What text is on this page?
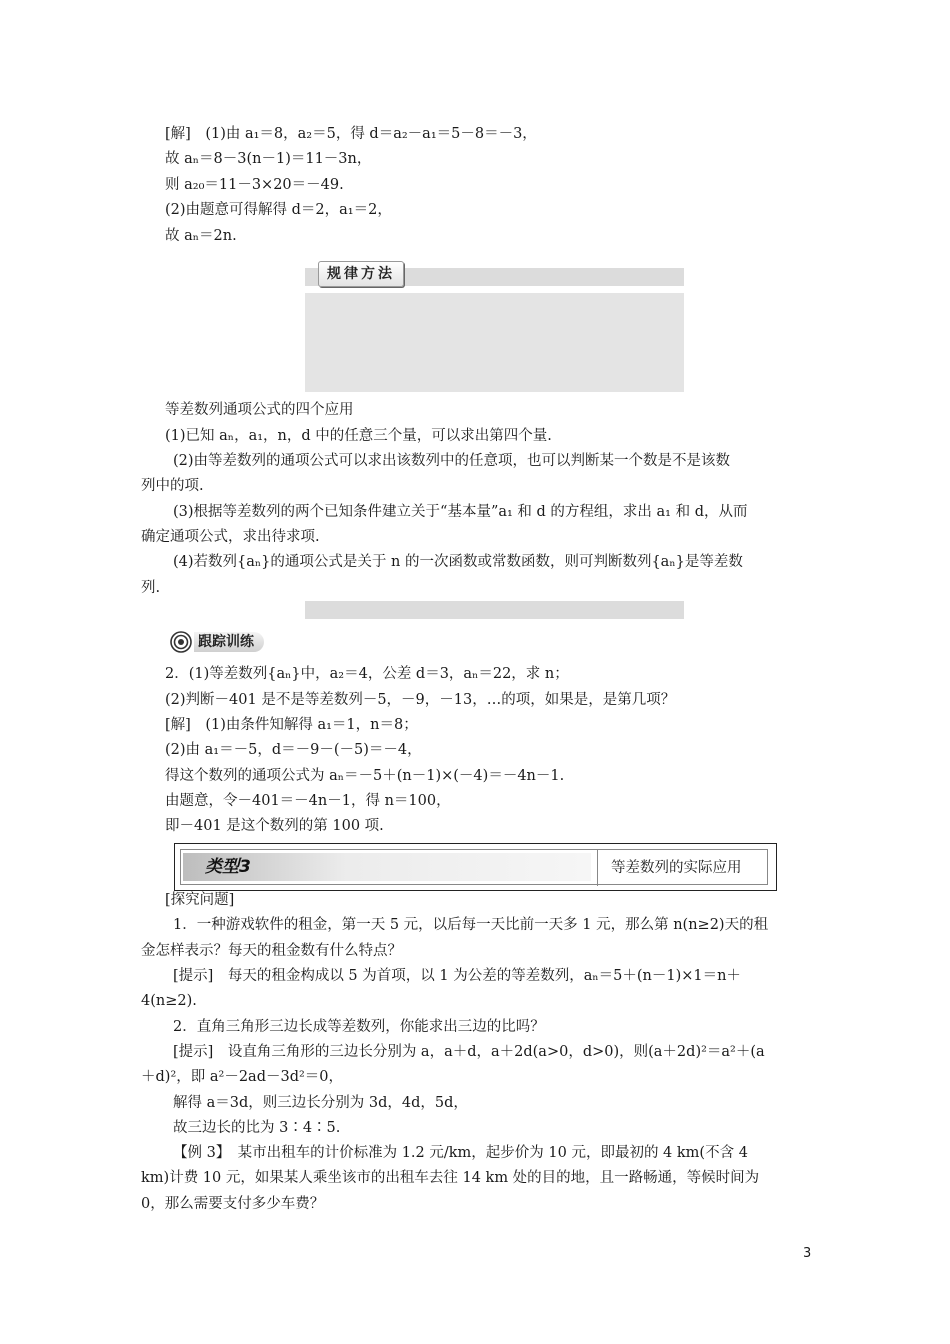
[解]　(1)由 a₁＝8，a₂＝5，得 d＝a₂－a₁＝5－8＝－3，
故 aₙ＝8－3(n－1)＝11－3n，
则 a₂₀＝11－3×20＝－49.
(2)由题意可得解得 d＝2，a₁＝2，
故 aₙ＝2n.
规律方法
等差数列通项公式的四个应用
(1)已知 aₙ，a₁，n，d 中的任意三个量，可以求出第四个量.
(2)由等差数列的通项公式可以求出该数列中的任意项，也可以判断某一个数是不是该数
列中的项.
(3)根据等差数列的两个已知条件建立关于“基本量”a₁ 和 d 的方程组，求出 a₁ 和 d，从而
确定通项公式，求出待求项.
(4)若数列{aₙ}的通项公式是关于 n 的一次函数或常数函数，则可判断数列{aₙ}是等差数
列.
跟踪训练
2．(1)等差数列{aₙ}中，a₂＝4，公差 d＝3，aₙ＝22，求 n；
(2)判断－401 是不是等差数列－5，－9，－13，…的项，如果是，是第几项？
[解]　(1)由条件知解得 a₁＝1，n＝8；
(2)由 a₁＝－5，d＝－9－(－5)＝－4，
得这个数列的通项公式为 aₙ＝－5＋(n－1)×(－4)＝－4n－1.
由题意，令－401＝－4n－1，得 n＝100，
即－401 是这个数列的第 100 项.
类型3	等差数列的实际应用
[探究问题]
1．一种游戏软件的租金，第一天 5 元，以后每一天比前一天多 1 元，那么第 n(n≥2)天的租
金怎样表示？每天的租金数有什么特点？
[提示]　每天的租金构成以 5 为首项，以 1 为公差的等差数列，aₙ＝5＋(n－1)×1＝n＋
4(n≥2).
2．直角三角形三边长成等差数列，你能求出三边的比吗？
[提示]　设直角三角形的三边长分别为 a，a＋d，a＋2d(a>0，d>0)，则(a＋2d)²＝a²＋(a
＋d)²，即 a²－2ad－3d²＝0，
解得 a＝3d，则三边长分别为 3d，4d，5d，
故三边长的比为 3∶4∶5.
【例 3】　某市出租车的计价标准为 1.2 元/km，起步价为 10 元，即最初的 4 km(不含 4
km)计费 10 元，如果某人乘坐该市的出租车去往 14 km 处的目的地，且一路畅通，等候时间为
0，那么需要支付多少车费？
3
